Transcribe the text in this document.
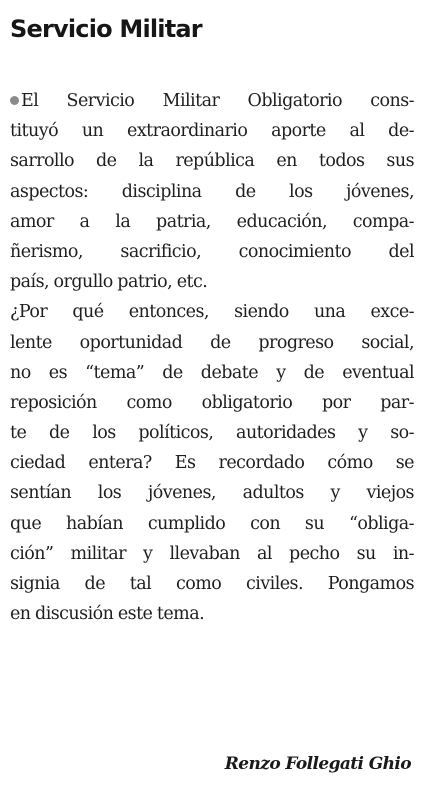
Servicio Militar
El Servicio Militar Obligatorio cons-
tituyó un extraordinario aporte al de-
sarrollo de la república en todos sus
aspectos: disciplina de los jóvenes,
amor a la patria, educación, compa-
ñerismo, sacrificio, conocimiento del
país, orgullo patrio, etc.
¿Por qué entonces, siendo una exce-
lente oportunidad de progreso social,
no es “tema” de debate y de eventual
reposición como obligatorio por par-
te de los políticos, autoridades y so-
ciedad entera? Es recordado cómo se
sentían los jóvenes, adultos y viejos
que habían cumplido con su “obliga-
ción” militar y llevaban al pecho su in-
signia de tal como civiles. Pongamos
en discusión este tema.

Renzo Follegati Ghio
